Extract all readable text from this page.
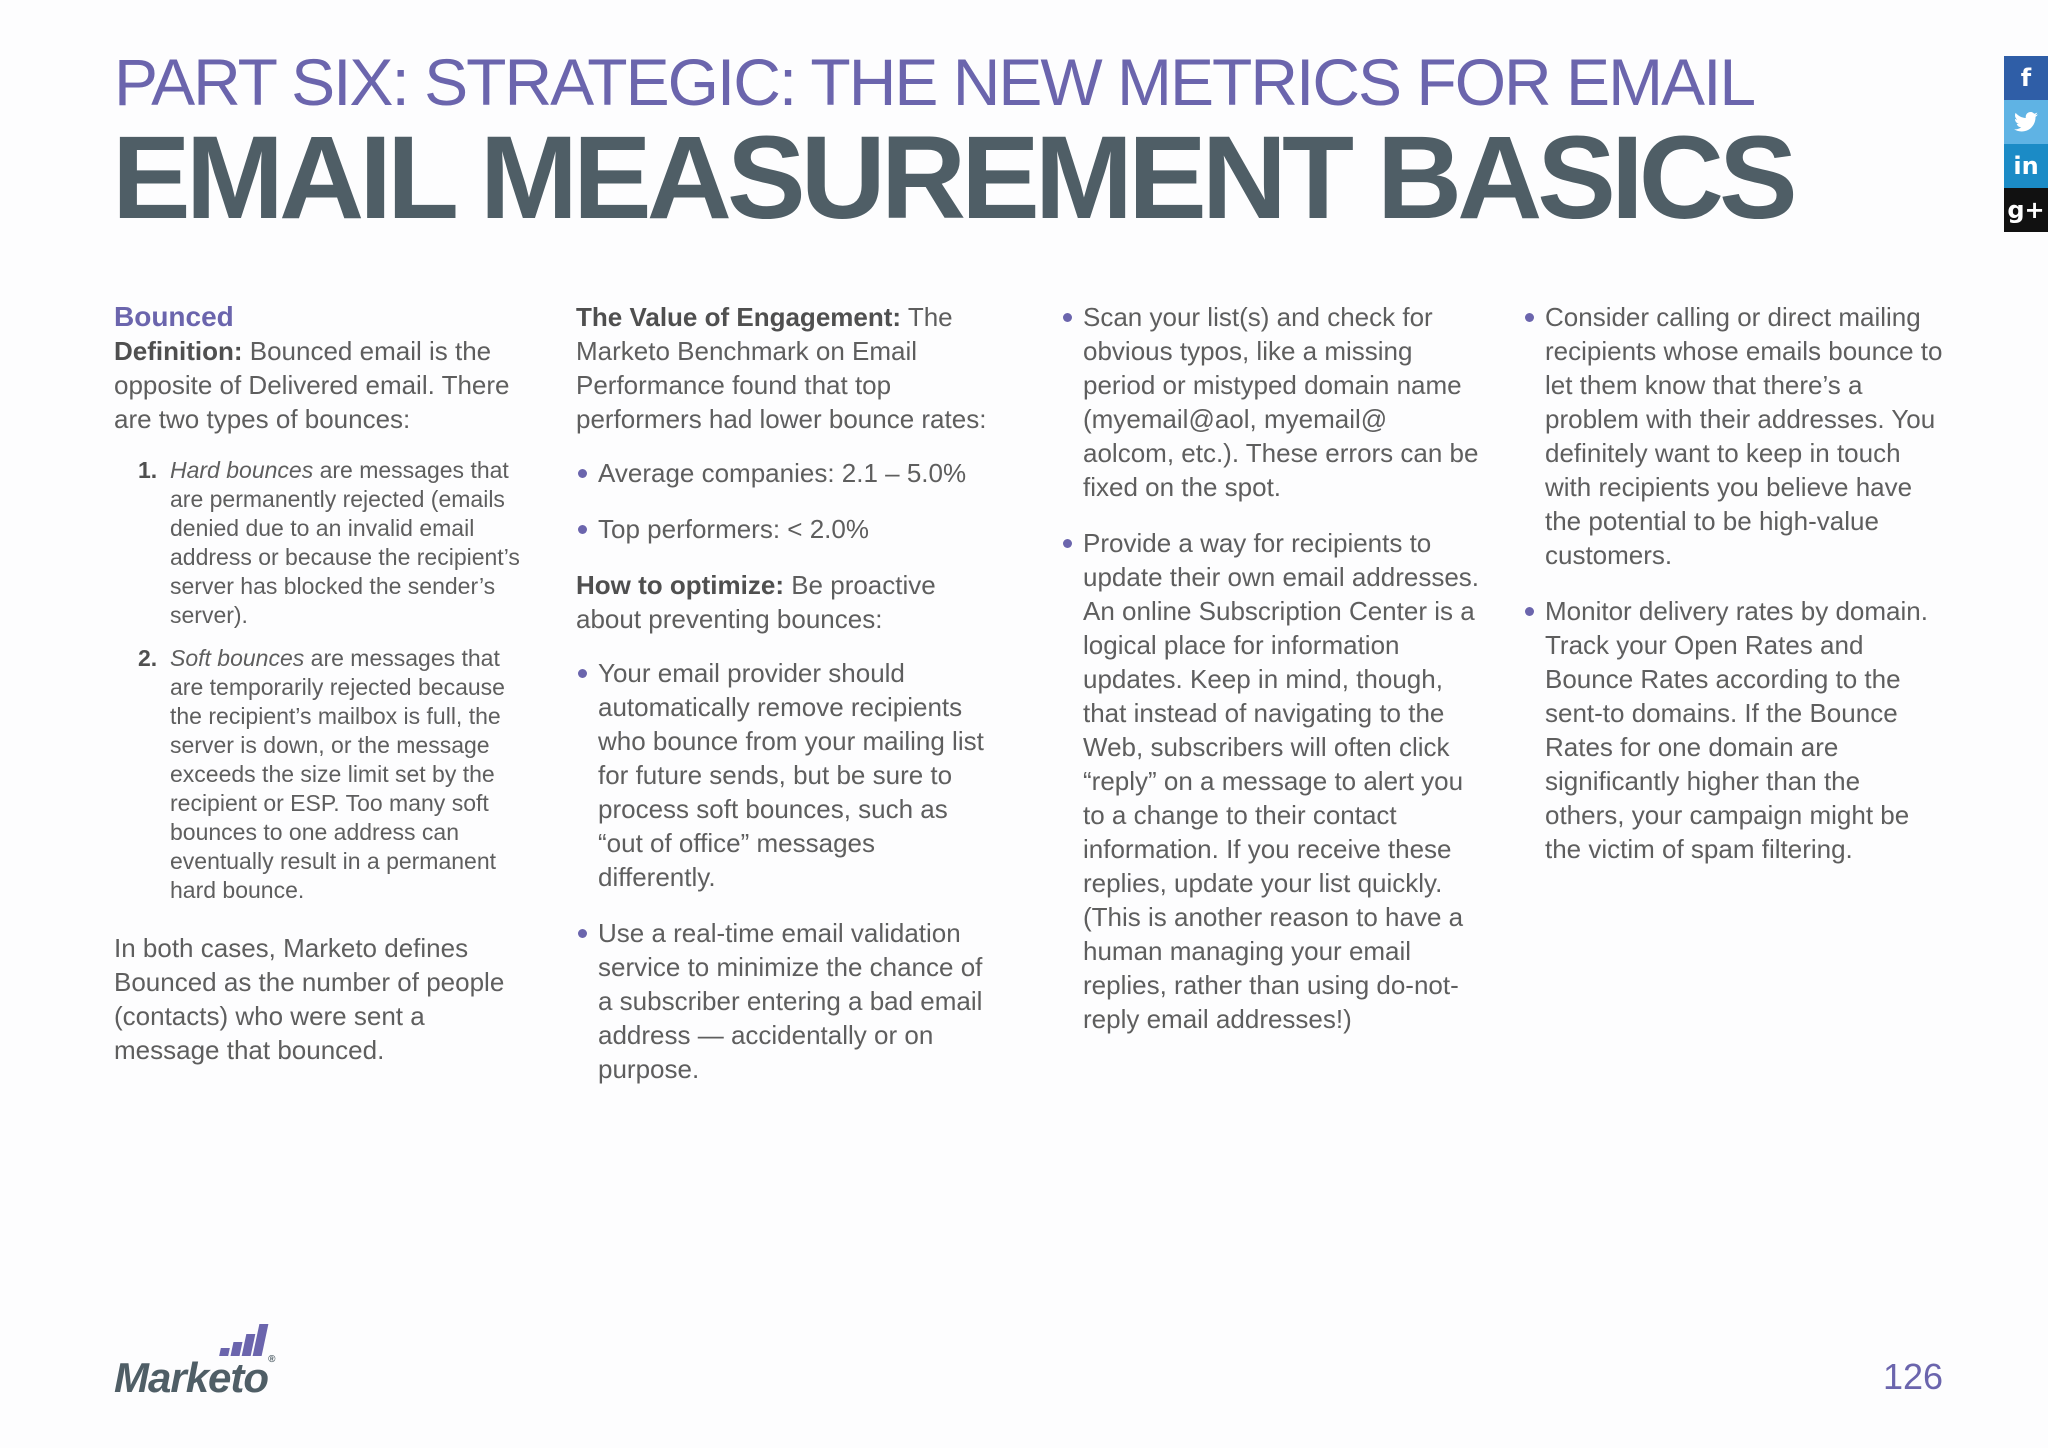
PART SIX: STRATEGIC: THE NEW METRICS FOR EMAIL
EMAIL MEASUREMENT BASICS
f
in
g+
Bounced

Definition: Bounced email is the opposite of Delivered email. There are two types of bounces:

1. Hard bounces are messages that are permanently rejected (emails denied due to an invalid email address or because the recipient’s server has blocked the sender’s server).
2. Soft bounces are messages that are temporarily rejected because the recipient’s mailbox is full, the server is down, or the message exceeds the size limit set by the recipient or ESP. Too many soft bounces to one address can eventually result in a permanent hard bounce.

In both cases, Marketo defines Bounced as the number of people (contacts) who were sent a message that bounced.

The Value of Engagement: The Marketo Benchmark on Email Performance found that top performers had lower bounce rates:

Average companies: 2.1 – 5.0%
Top performers: < 2.0%

How to optimize: Be proactive about preventing bounces:

Your email provider should automatically remove recipients who bounce from your mailing list for future sends, but be sure to process soft bounces, such as “out of office” messages differently.
Use a real-time email validation service to minimize the chance of a subscriber entering a bad email address — accidentally or on purpose.
Scan your list(s) and check for obvious typos, like a missing period or mistyped domain name (myemail@aol, myemail@ aolcom, etc.). These errors can be fixed on the spot.
Provide a way for recipients to update their own email addresses. An online Subscription Center is a logical place for information updates. Keep in mind, though, that instead of navigating to the Web, subscribers will often click “reply” on a message to alert you to a change to their contact information. If you receive these replies, update your list quickly. (This is another reason to have a human managing your email replies, rather than using do-not-reply email addresses!)
Consider calling or direct mailing recipients whose emails bounce to let them know that there’s a problem with their addresses. You definitely want to keep in touch with recipients you believe have the potential to be high-value customers.
Monitor delivery rates by domain. Track your Open Rates and Bounce Rates according to the sent-to domains. If the Bounce Rates for one domain are significantly higher than the others, your campaign might be the victim of spam filtering.
Marketo®	126
